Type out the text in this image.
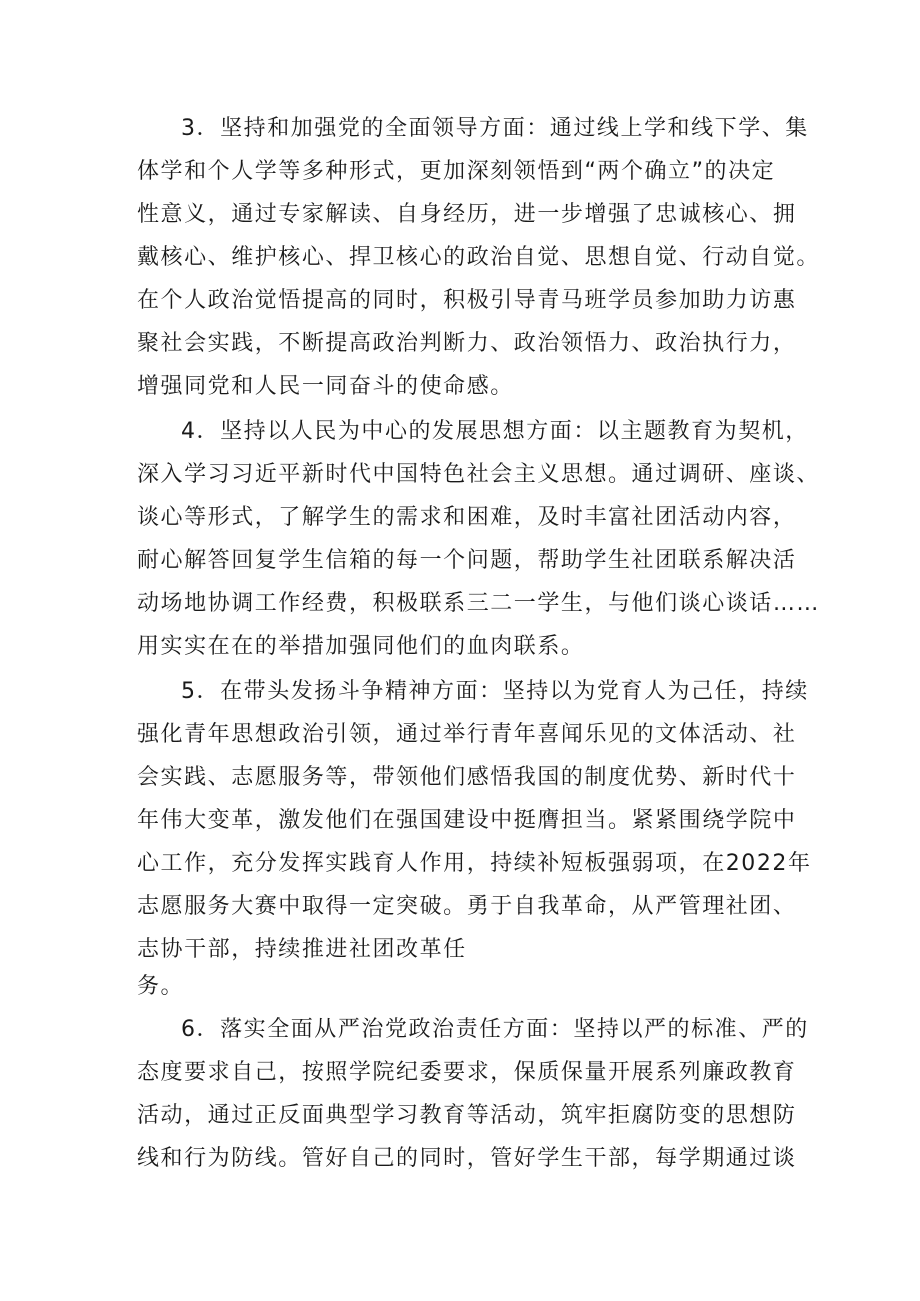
3．坚持和加强党的全面领导方面：通过线上学和线下学、集
体学和个人学等多种形式，更加深刻领悟到“两个确立”的决定
性意义，通过专家解读、自身经历，进一步增强了忠诚核心、拥
戴核心、维护核心、捍卫核心的政治自觉、思想自觉、行动自觉。
在个人政治觉悟提高的同时，积极引导青马班学员参加助力访惠
聚社会实践，不断提高政治判断力、政治领悟力、政治执行力，
增强同党和人民一同奋斗的使命感。
4．坚持以人民为中心的发展思想方面：以主题教育为契机，
深入学习习近平新时代中国特色社会主义思想。通过调研、座谈、
谈心等形式，了解学生的需求和困难，及时丰富社团活动内容，
耐心解答回复学生信箱的每一个问题，帮助学生社团联系解决活
动场地协调工作经费，积极联系三二一学生，与他们谈心谈话……
用实实在在的举措加强同他们的血肉联系。
5．在带头发扬斗争精神方面：坚持以为党育人为己任，持续
强化青年思想政治引领，通过举行青年喜闻乐见的文体活动、社
会实践、志愿服务等，带领他们感悟我国的制度优势、新时代十
年伟大变革，激发他们在强国建设中挺膺担当。紧紧围绕学院中
心工作，充分发挥实践育人作用，持续补短板强弱项，在2022年
志愿服务大赛中取得一定突破。勇于自我革命，从严管理社团、
志协干部，持续推进社团改革任
务。
6．落实全面从严治党政治责任方面：坚持以严的标准、严的
态度要求自己，按照学院纪委要求，保质保量开展系列廉政教育
活动，通过正反面典型学习教育等活动，筑牢拒腐防变的思想防
线和行为防线。管好自己的同时，管好学生干部，每学期通过谈
